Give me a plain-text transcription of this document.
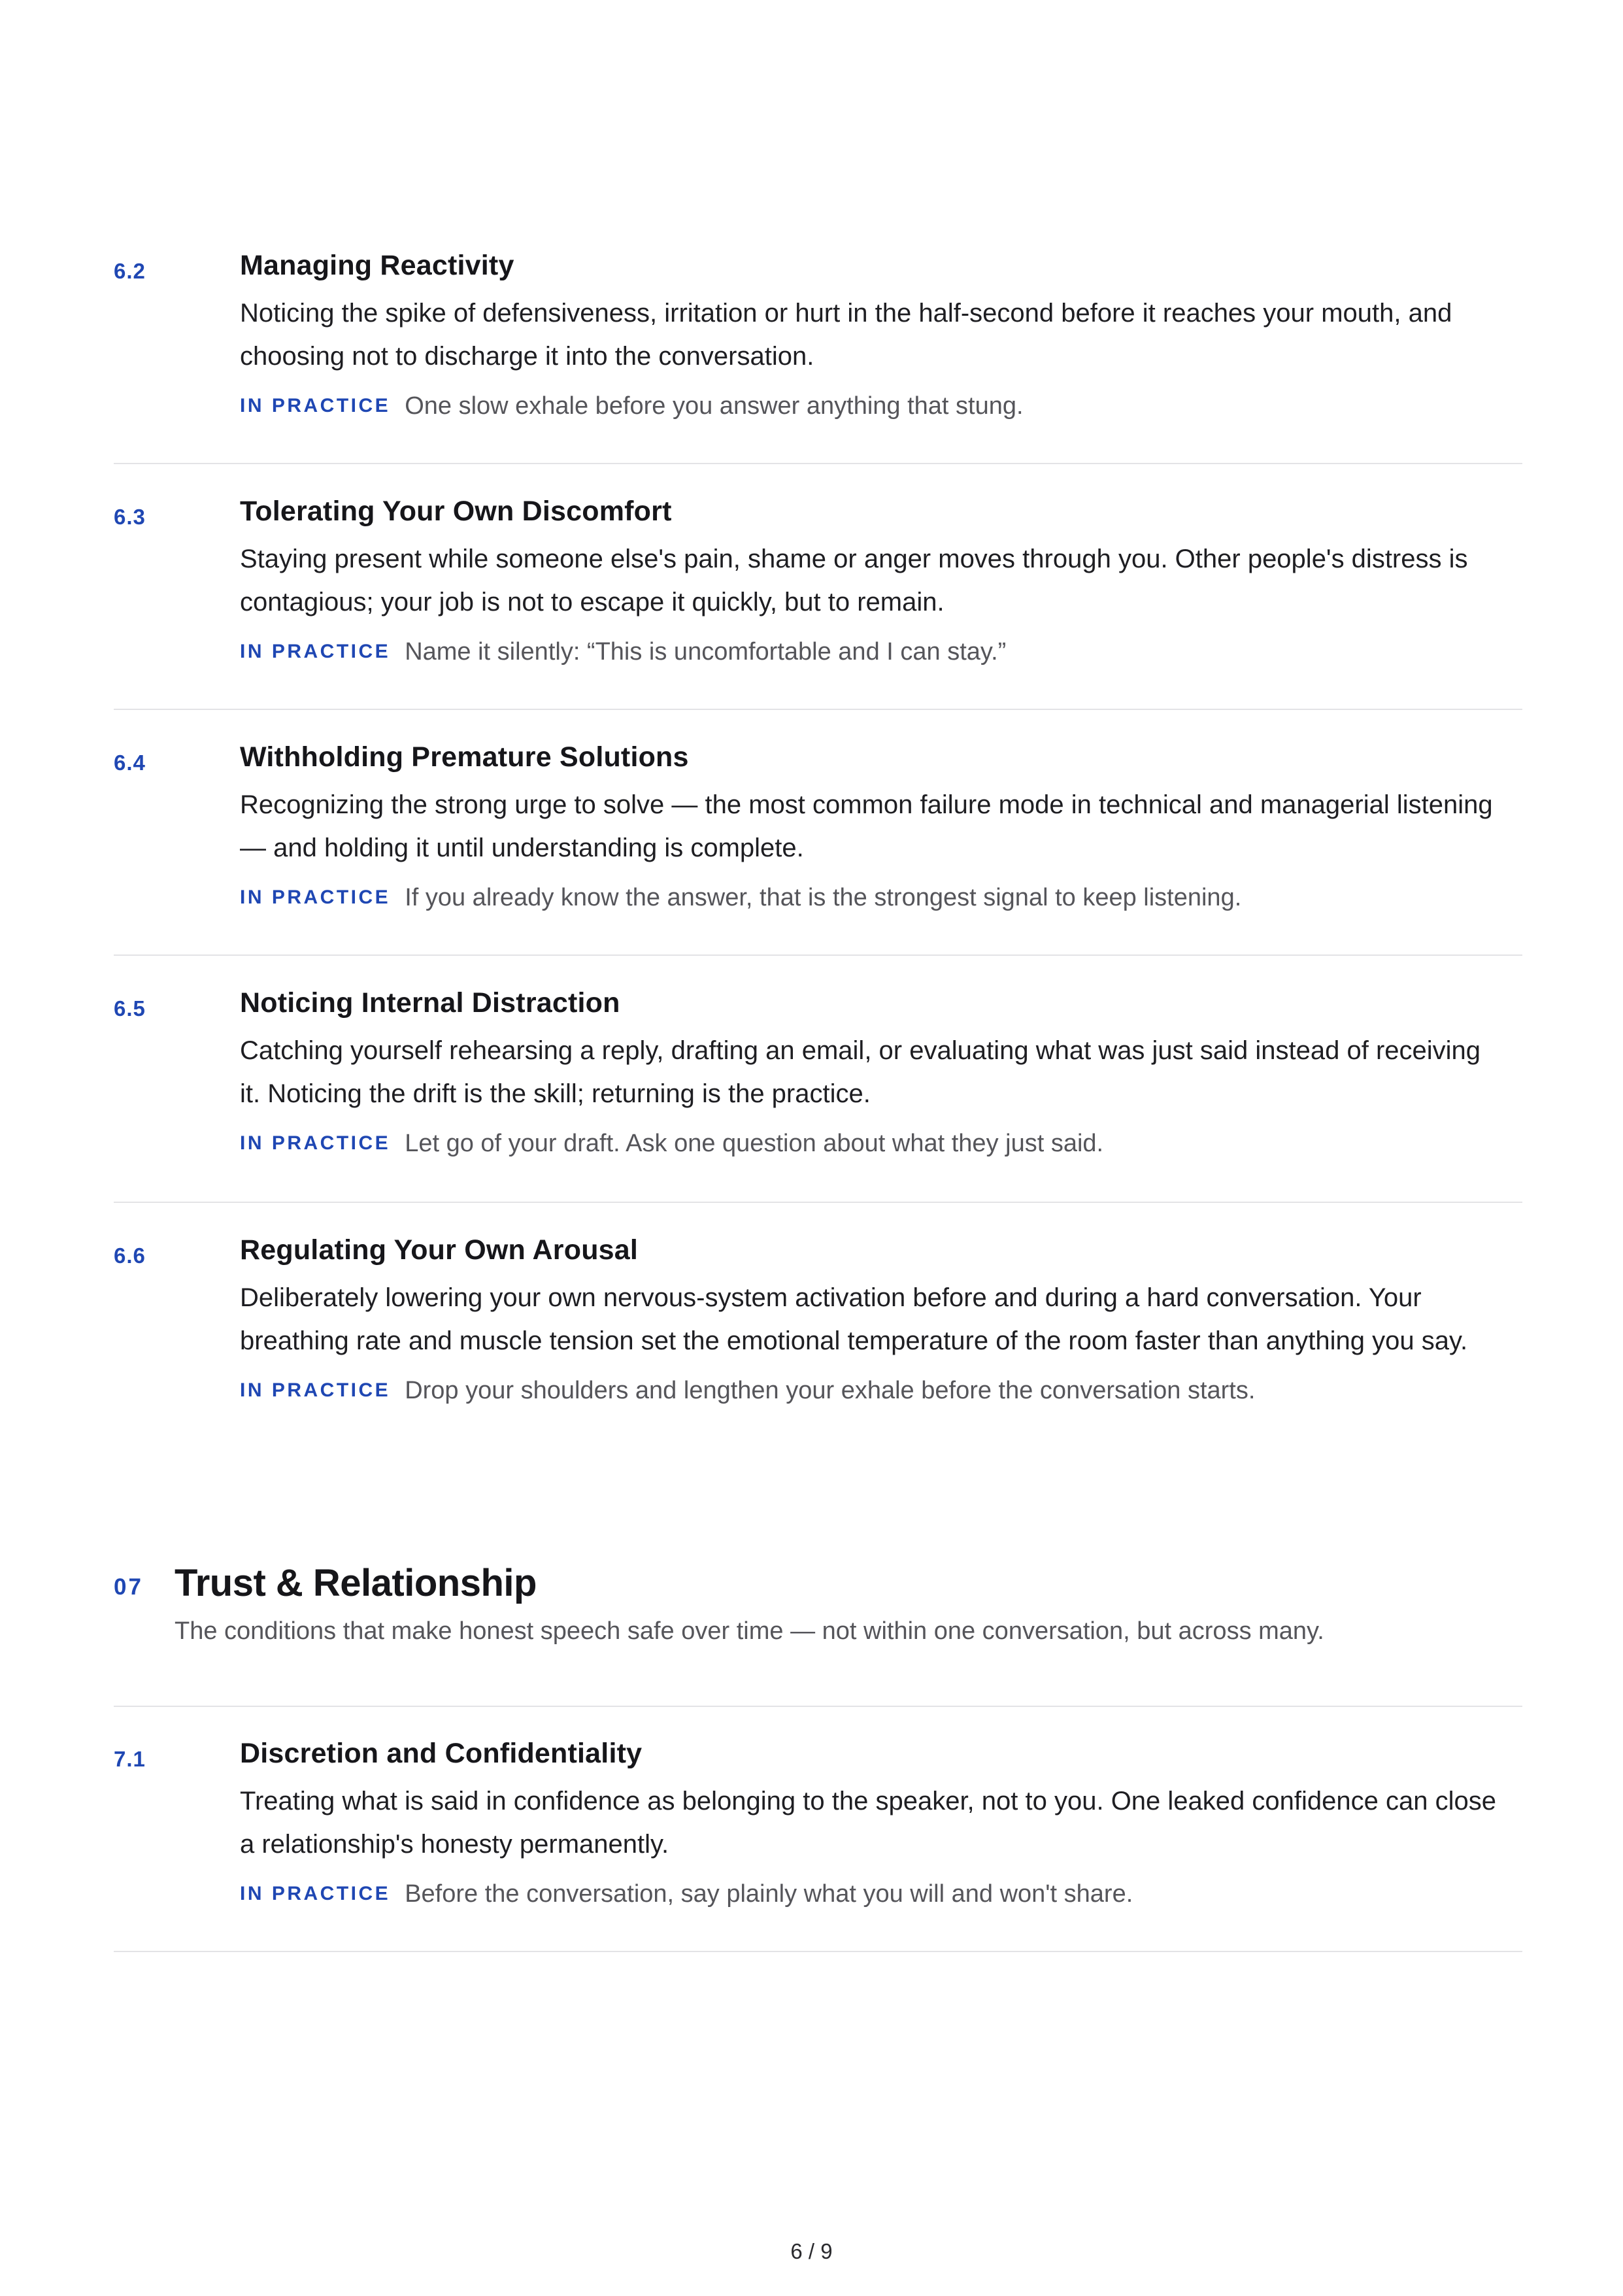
6.2	Managing Reactivity

Noticing the spike of defensiveness, irritation or hurt in the half-second before it reaches your mouth, and choosing not to discharge it into the conversation.

IN PRACTICE One slow exhale before you answer anything that stung.
6.3	Tolerating Your Own Discomfort

Staying present while someone else's pain, shame or anger moves through you. Other people's distress is contagious; your job is not to escape it quickly, but to remain.

IN PRACTICE Name it silently: “This is uncomfortable and I can stay.”
6.4	Withholding Premature Solutions

Recognizing the strong urge to solve — the most common failure mode in technical and managerial listening — and holding it until understanding is complete.

IN PRACTICE If you already know the answer, that is the strongest signal to keep listening.
6.5	Noticing Internal Distraction

Catching yourself rehearsing a reply, drafting an email, or evaluating what was just said instead of receiving it. Noticing the drift is the skill; returning is the practice.

IN PRACTICE Let go of your draft. Ask one question about what they just said.
6.6	Regulating Your Own Arousal

Deliberately lowering your own nervous-system activation before and during a hard conversation. Your breathing rate and muscle tension set the emotional temperature of the room faster than anything you say.

IN PRACTICE Drop your shoulders and lengthen your exhale before the conversation starts.
07 Trust & Relationship

The conditions that make honest speech safe over time — not within one conversation, but across many.

7.1	Discretion and Confidentiality

Treating what is said in confidence as belonging to the speaker, not to you. One leaked confidence can close a relationship's honesty permanently.

IN PRACTICE Before the conversation, say plainly what you will and won't share.
6 / 9
